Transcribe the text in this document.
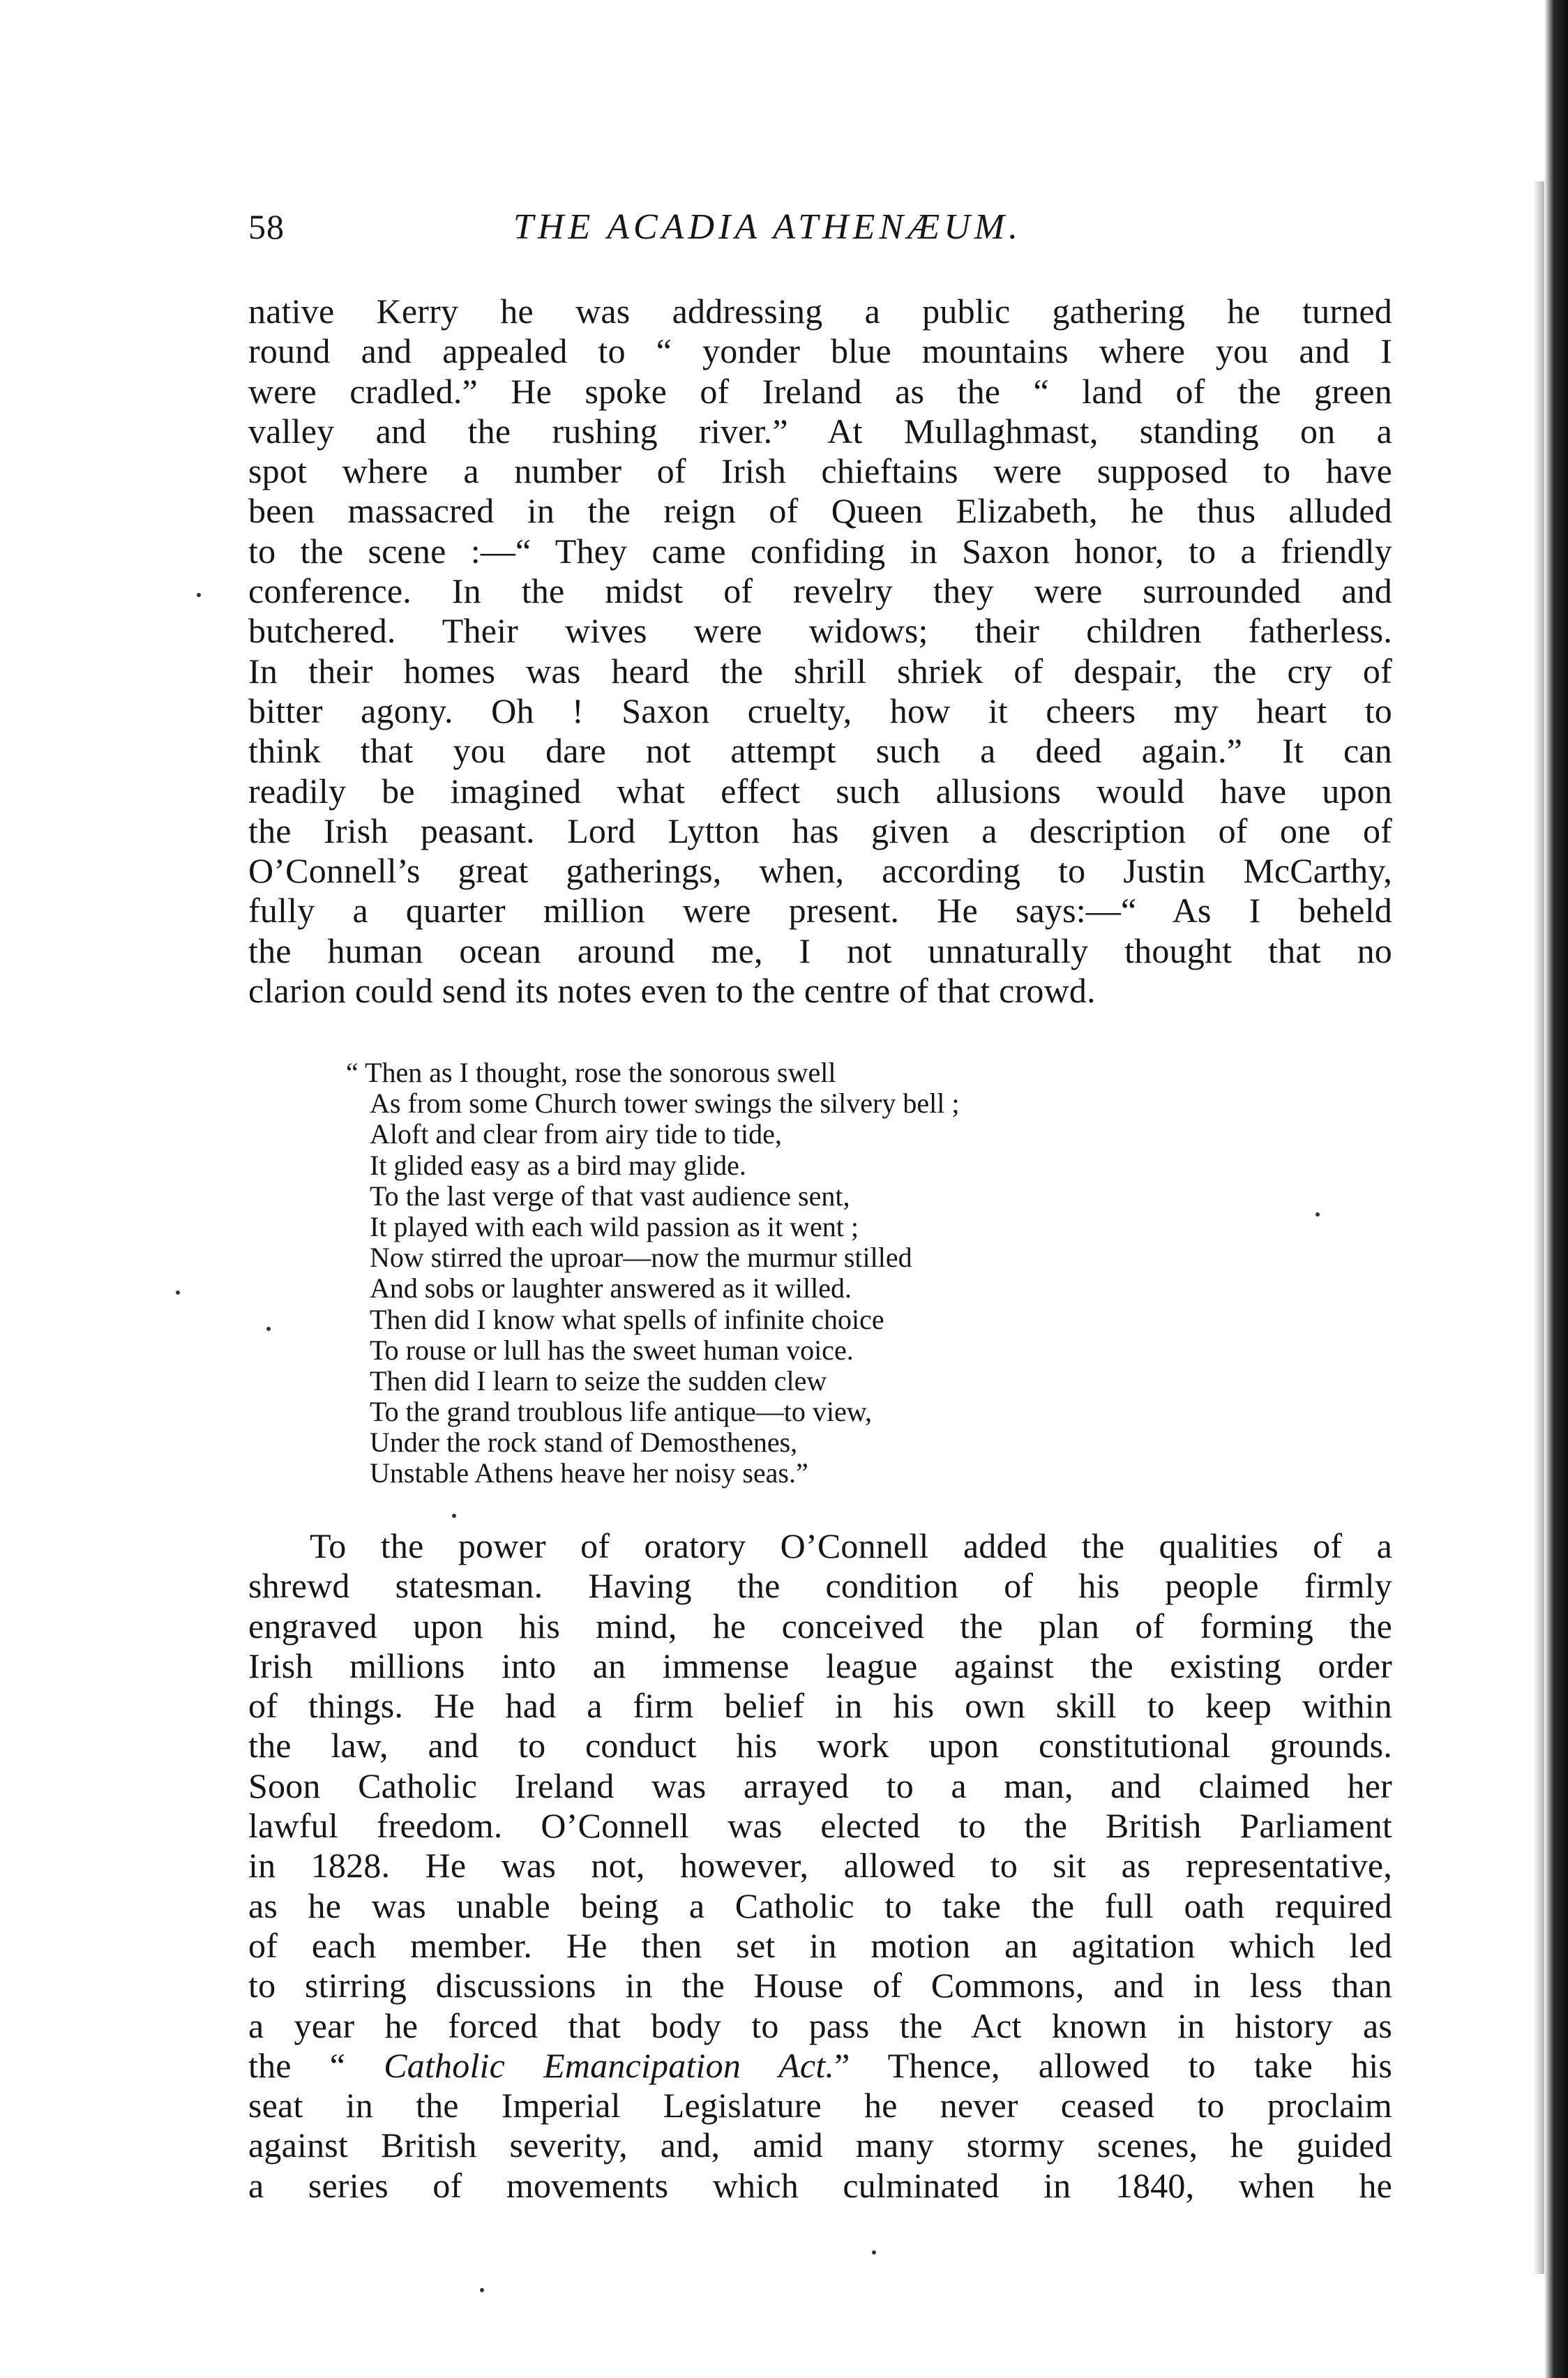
58	THE ACADIA ATHENÆUM.
native Kerry he was addressing a public gathering he turned
round and appealed to “ yonder blue mountains where you and I
were cradled.” He spoke of Ireland as the “ land of the green
valley and the rushing river.” At Mullaghmast, standing on a
spot where a number of Irish chieftains were supposed to have
been massacred in the reign of Queen Elizabeth, he thus alluded
to the scene :—“ They came confiding in Saxon honor, to a friendly
conference. In the midst of revelry they were surrounded and
butchered. Their wives were widows; their children fatherless.
In their homes was heard the shrill shriek of despair, the cry of
bitter agony. Oh ! Saxon cruelty, how it cheers my heart to
think that you dare not attempt such a deed again.” It can
readily be imagined what effect such allusions would have upon
the Irish peasant. Lord Lytton has given a description of one of
O’Connell’s great gatherings, when, according to Justin McCarthy,
fully a quarter million were present. He says:—“ As I beheld
the human ocean around me, I not unnaturally thought that no
clarion could send its notes even to the centre of that crowd.
“ Then as I thought, rose the sonorous swell
As from some Church tower swings the silvery bell ;
Aloft and clear from airy tide to tide,
It glided easy as a bird may glide.
To the last verge of that vast audience sent,
It played with each wild passion as it went ;
Now stirred the uproar—now the murmur stilled
And sobs or laughter answered as it willed.
Then did I know what spells of infinite choice
To rouse or lull has the sweet human voice.
Then did I learn to seize the sudden clew
To the grand troublous life antique—to view,
Under the rock stand of Demosthenes,
Unstable Athens heave her noisy seas.”
To the power of oratory O’Connell added the qualities of a
shrewd statesman. Having the condition of his people firmly
engraved upon his mind, he conceived the plan of forming the
Irish millions into an immense league against the existing order
of things. He had a firm belief in his own skill to keep within
the law, and to conduct his work upon constitutional grounds.
Soon Catholic Ireland was arrayed to a man, and claimed her
lawful freedom. O’Connell was elected to the British Parliament
in 1828. He was not, however, allowed to sit as representative,
as he was unable being a Catholic to take the full oath required
of each member. He then set in motion an agitation which led
to stirring discussions in the House of Commons, and in less than
a year he forced that body to pass the Act known in history as
the “ Catholic Emancipation Act.” Thence, allowed to take his
seat in the Imperial Legislature he never ceased to proclaim
against British severity, and, amid many stormy scenes, he guided
a series of movements which culminated in 1840, when he
